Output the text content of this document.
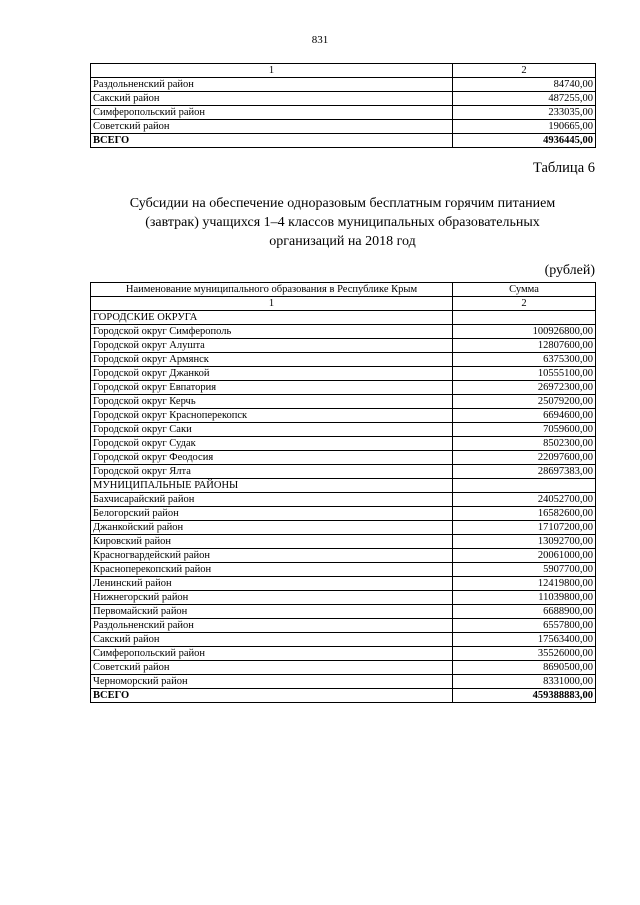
831
1	2
Раздольненский район	84740,00
Сакский район	487255,00
Симферопольский район	233035,00
Советский район	190665,00
ВСЕГО	4936445,00
Таблица 6
Субсидии на обеспечение одноразовым бесплатным горячим питанием
(завтрак) учащихся 1–4 классов муниципальных образовательных
организаций на 2018 год
(рублей)
Наименование муниципального образования в Республике Крым	Сумма
1	2
ГОРОДСКИЕ ОКРУГА	
Городской округ Симферополь	100926800,00
Городской округ Алушта	12807600,00
Городской округ Армянск	6375300,00
Городской округ Джанкой	10555100,00
Городской округ Евпатория	26972300,00
Городской округ Керчь	25079200,00
Городской округ Красноперекопск	6694600,00
Городской округ Саки	7059600,00
Городской округ Судак	8502300,00
Городской округ Феодосия	22097600,00
Городской округ Ялта	28697383,00
МУНИЦИПАЛЬНЫЕ РАЙОНЫ	
Бахчисарайский район	24052700,00
Белогорский район	16582600,00
Джанкойский район	17107200,00
Кировский район	13092700,00
Красногвардейский район	20061000,00
Красноперекопский район	5907700,00
Ленинский район	12419800,00
Нижнегорский район	11039800,00
Первомайский район	6688900,00
Раздольненский район	6557800,00
Сакский район	17563400,00
Симферопольский район	35526000,00
Советский район	8690500,00
Черноморский район	8331000,00
ВСЕГО	459388883,00
